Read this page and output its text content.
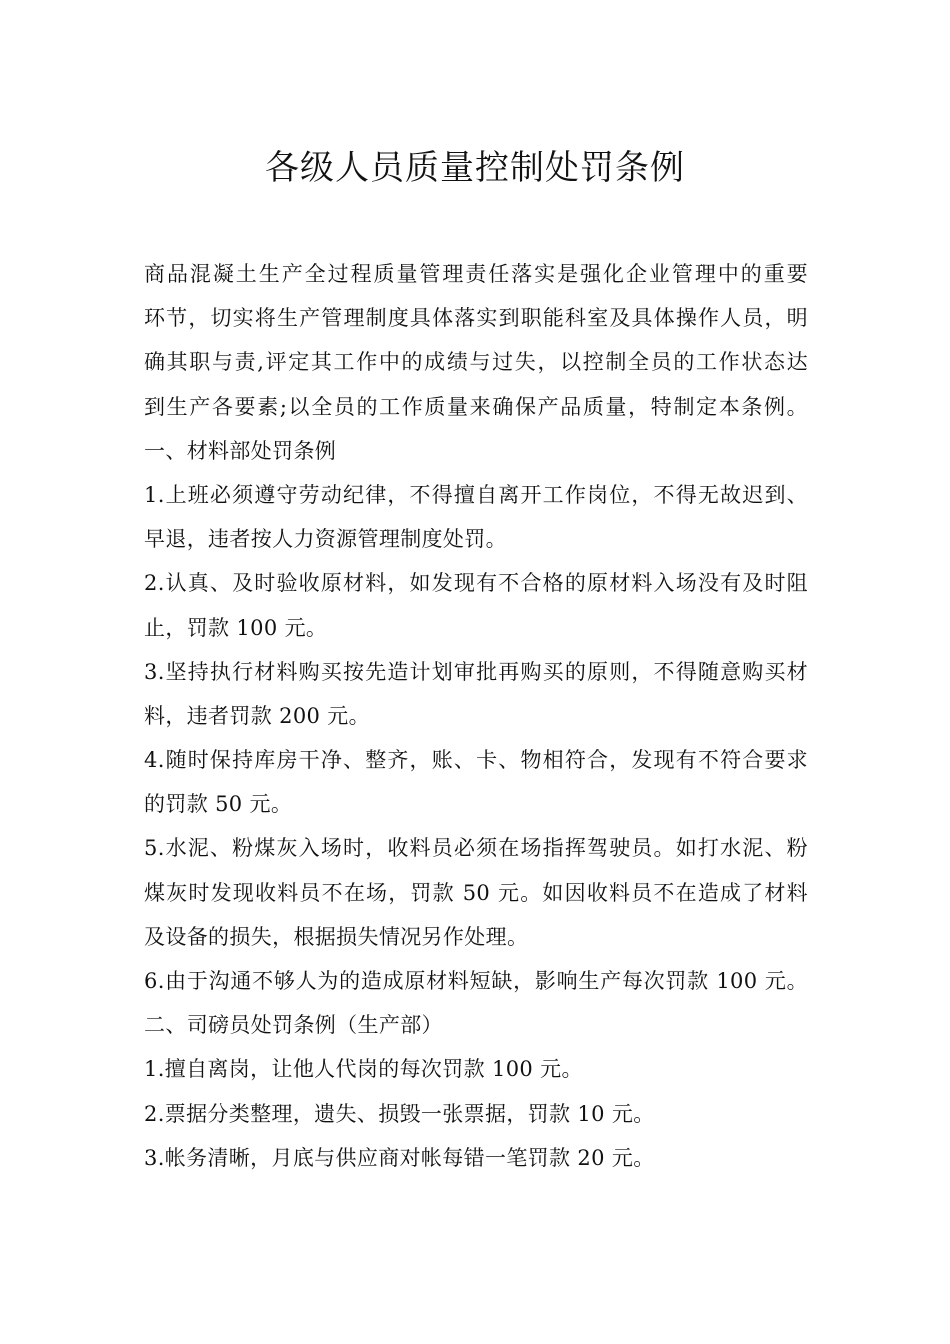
各级人员质量控制处罚条例
商品混凝土生产全过程质量管理责任落实是强化企业管理中的重要
环节，切实将生产管理制度具体落实到职能科室及具体操作人员，明
确其职与责,评定其工作中的成绩与过失，以控制全员的工作状态达
到生产各要素;以全员的工作质量来确保产品质量，特制定本条例。
一、材料部处罚条例
1.上班必须遵守劳动纪律，不得擅自离开工作岗位，不得无故迟到、
早退，违者按人力资源管理制度处罚。
2.认真、及时验收原材料，如发现有不合格的原材料入场没有及时阻
止，罚款 100 元。
3.坚持执行材料购买按先造计划审批再购买的原则，不得随意购买材
料，违者罚款 200 元。
4.随时保持库房干净、整齐，账、卡、物相符合，发现有不符合要求
的罚款 50 元。
5.水泥、粉煤灰入场时，收料员必须在场指挥驾驶员。如打水泥、粉
煤灰时发现收料员不在场，罚款 50 元。如因收料员不在造成了材料
及设备的损失，根据损失情况另作处理。
6.由于沟通不够人为的造成原材料短缺，影响生产每次罚款 100 元。
二、司磅员处罚条例（生产部）
1.擅自离岗，让他人代岗的每次罚款 100 元。
2.票据分类整理，遗失、损毁一张票据，罚款 10 元。
3.帐务清晰，月底与供应商对帐每错一笔罚款 20 元。
